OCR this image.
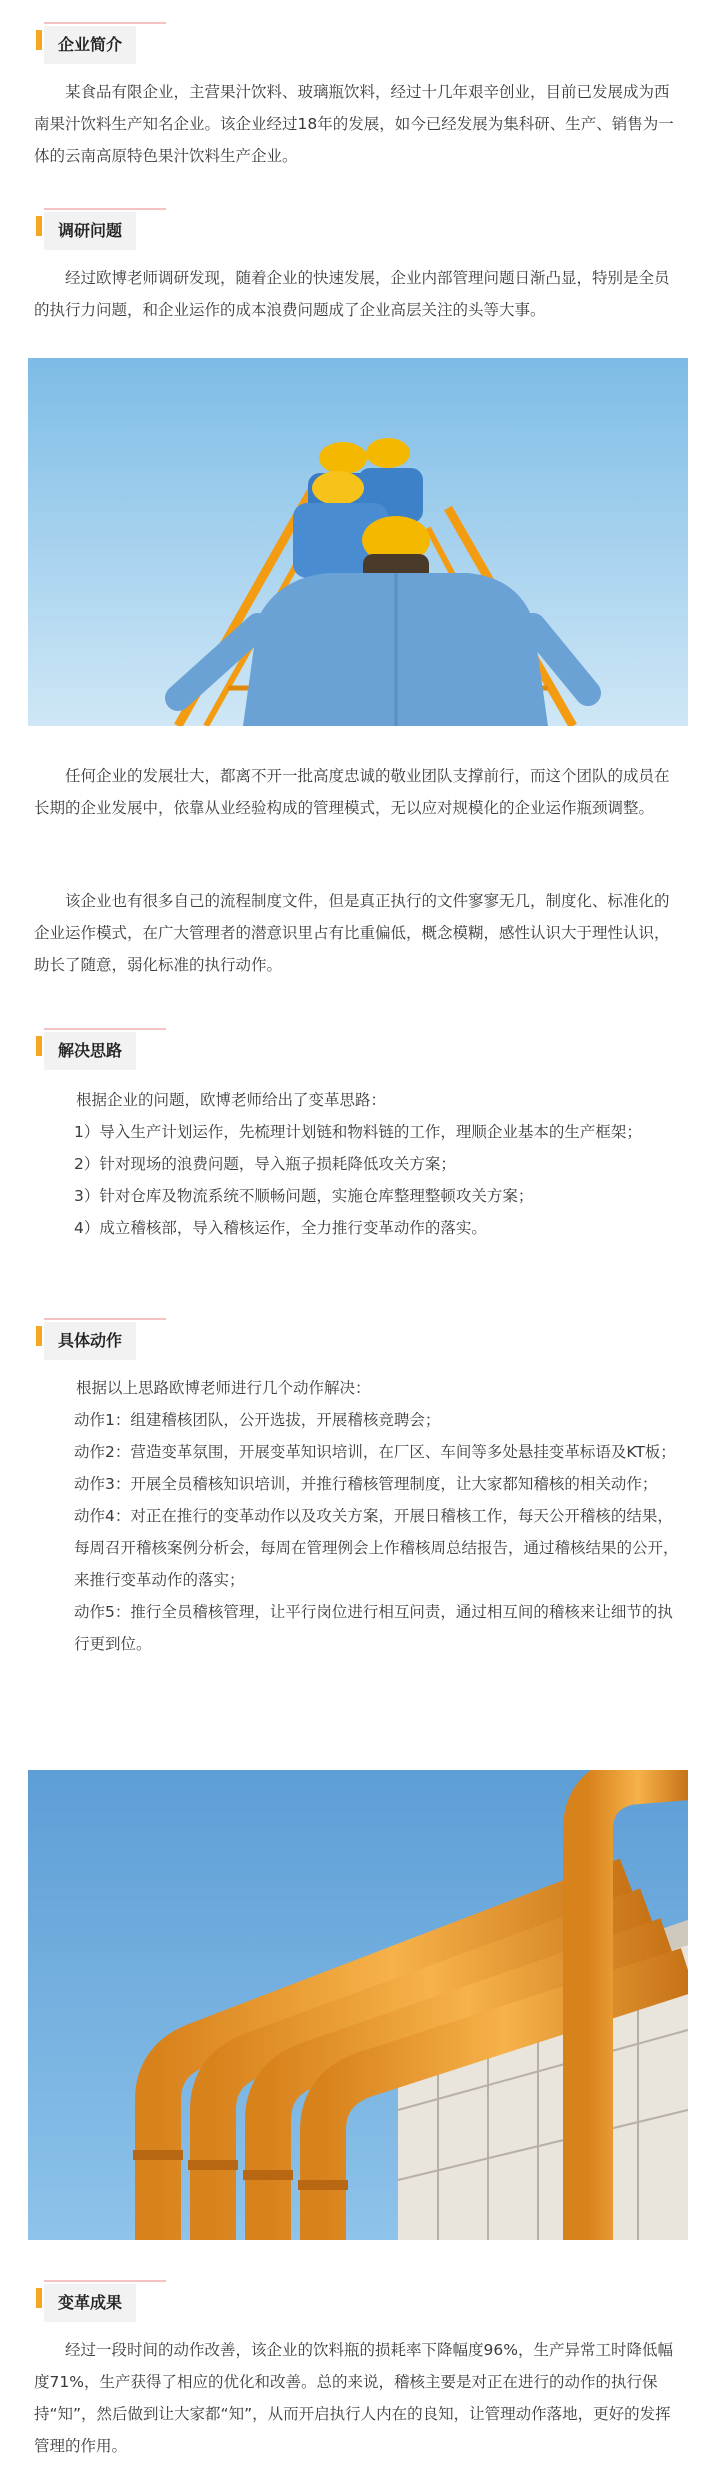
企业简介

某食品有限企业，主营果汁饮料、玻璃瓶饮料，经过十几年艰辛创业，目前已发展成为西南果汁饮料生产知名企业。该企业经过18年的发展，如今已经发展为集科研、生产、销售为一体的云南高原特色果汁饮料生产企业。

调研问题

经过欧博老师调研发现，随着企业的快速发展，企业内部管理问题日渐凸显，特别是全员的执行力问题，和企业运作的成本浪费问题成了企业高层关注的头等大事。

任何企业的发展壮大，都离不开一批高度忠诚的敬业团队支撑前行，而这个团队的成员在长期的企业发展中，依靠从业经验构成的管理模式，无以应对规模化的企业运作瓶颈调整。

该企业也有很多自己的流程制度文件，但是真正执行的文件寥寥无几，制度化、标准化的企业运作模式，在广大管理者的潜意识里占有比重偏低，概念模糊，感性认识大于理性认识，助长了随意，弱化标准的执行动作。

解决思路
根据企业的问题，欧博老师给出了变革思路：
1）导入生产计划运作，先梳理计划链和物料链的工作，理顺企业基本的生产框架；
2）针对现场的浪费问题，导入瓶子损耗降低攻关方案；
3）针对仓库及物流系统不顺畅问题，实施仓库整理整顿攻关方案；
4）成立稽核部，导入稽核运作，全力推行变革动作的落实。
具体动作
根据以上思路欧博老师进行几个动作解决：
动作1：组建稽核团队，公开选拔，开展稽核竞聘会；
动作2：营造变革氛围，开展变革知识培训，在厂区、车间等多处悬挂变革标语及KT板；
动作3：开展全员稽核知识培训，并推行稽核管理制度，让大家都知稽核的相关动作；
动作4：对正在推行的变革动作以及攻关方案，开展日稽核工作，每天公开稽核的结果，每周召开稽核案例分析会，每周在管理例会上作稽核周总结报告，通过稽核结果的公开，来推行变革动作的落实；
动作5：推行全员稽核管理，让平行岗位进行相互问责，通过相互间的稽核来让细节的执行更到位。
变革成果

经过一段时间的动作改善，该企业的饮料瓶的损耗率下降幅度96%，生产异常工时降低幅度71%，生产获得了相应的优化和改善。总的来说，稽核主要是对正在进行的动作的执行保持“知”，然后做到让大家都“知”，从而开启执行人内在的良知，让管理动作落地，更好的发挥管理的作用。
